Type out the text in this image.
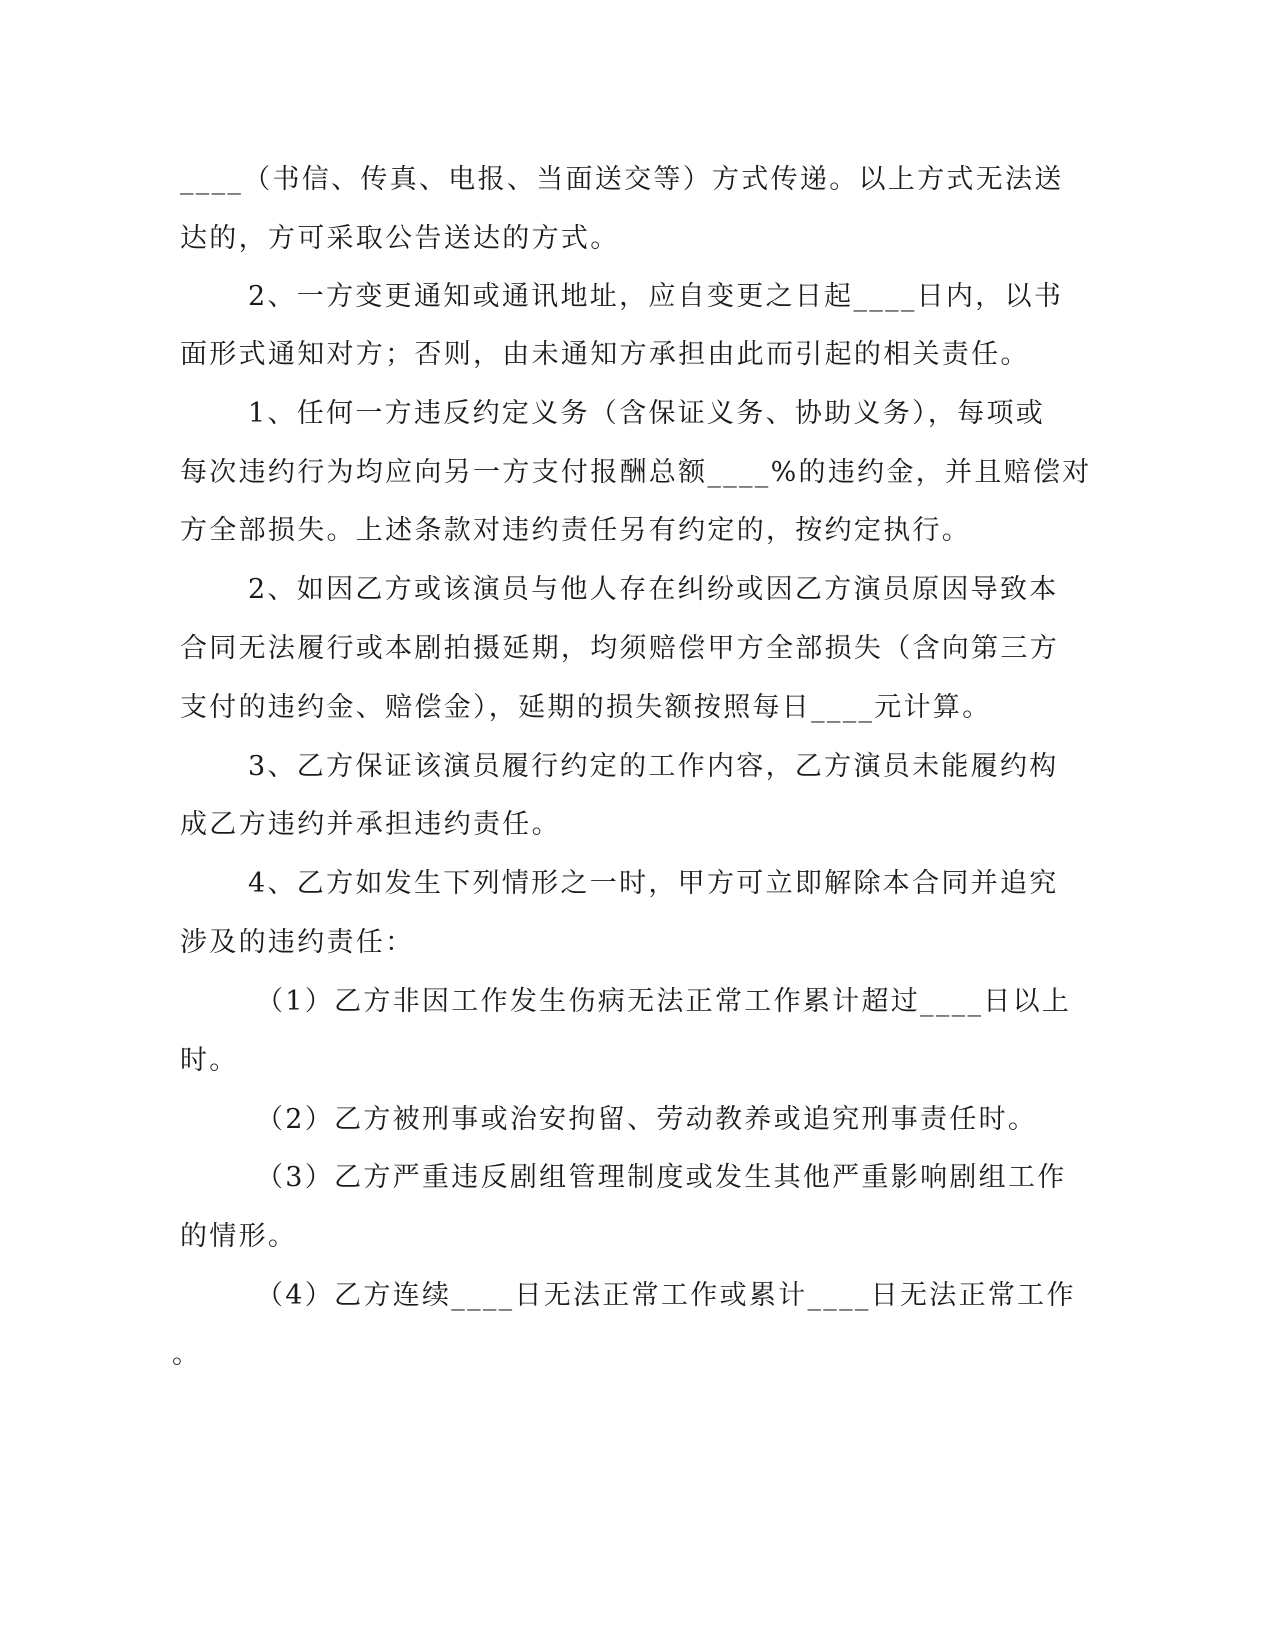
____（书信、传真、电报、当面送交等）方式传递。以上方式无法送

达的，方可采取公告送达的方式。

2、一方变更通知或通讯地址，应自变更之日起____日内，以书

面形式通知对方；否则，由未通知方承担由此而引起的相关责任。

1、任何一方违反约定义务（含保证义务、协助义务），每项或

每次违约行为均应向另一方支付报酬总额____%的违约金，并且赔偿对

方全部损失。上述条款对违约责任另有约定的，按约定执行。

2、如因乙方或该演员与他人存在纠纷或因乙方演员原因导致本

合同无法履行或本剧拍摄延期，均须赔偿甲方全部损失（含向第三方

支付的违约金、赔偿金），延期的损失额按照每日____元计算。

3、乙方保证该演员履行约定的工作内容，乙方演员未能履约构

成乙方违约并承担违约责任。

4、乙方如发生下列情形之一时，甲方可立即解除本合同并追究

涉及的违约责任：

（1）乙方非因工作发生伤病无法正常工作累计超过____日以上

时。

（2）乙方被刑事或治安拘留、劳动教养或追究刑事责任时。

（3）乙方严重违反剧组管理制度或发生其他严重影响剧组工作

的情形。

（4）乙方连续____日无法正常工作或累计____日无法正常工作

。
